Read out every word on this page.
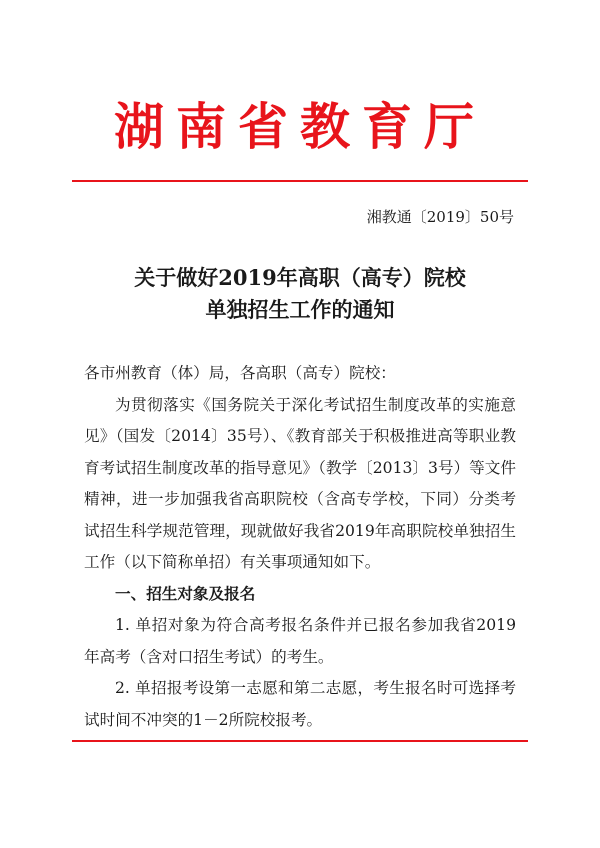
湖南省教育厅
湘教通〔2019〕50号
关于做好2019年高职（高专）院校
单独招生工作的通知

各市州教育（体）局，各高职（高专）院校：

为贯彻落实《国务院关于深化考试招生制度改革的实施意见》（国发〔2014〕35号）、《教育部关于积极推进高等职业教育考试招生制度改革的指导意见》（教学〔2013〕3号）等文件精神，进一步加强我省高职院校（含高专学校，下同）分类考试招生科学规范管理，现就做好我省2019年高职院校单独招生工作（以下简称单招）有关事项通知如下。

一、招生对象及报名

1. 单招对象为符合高考报名条件并已报名参加我省2019年高考（含对口招生考试）的考生。

2. 单招报考设第一志愿和第二志愿，考生报名时可选择考试时间不冲突的1－2所院校报考。
